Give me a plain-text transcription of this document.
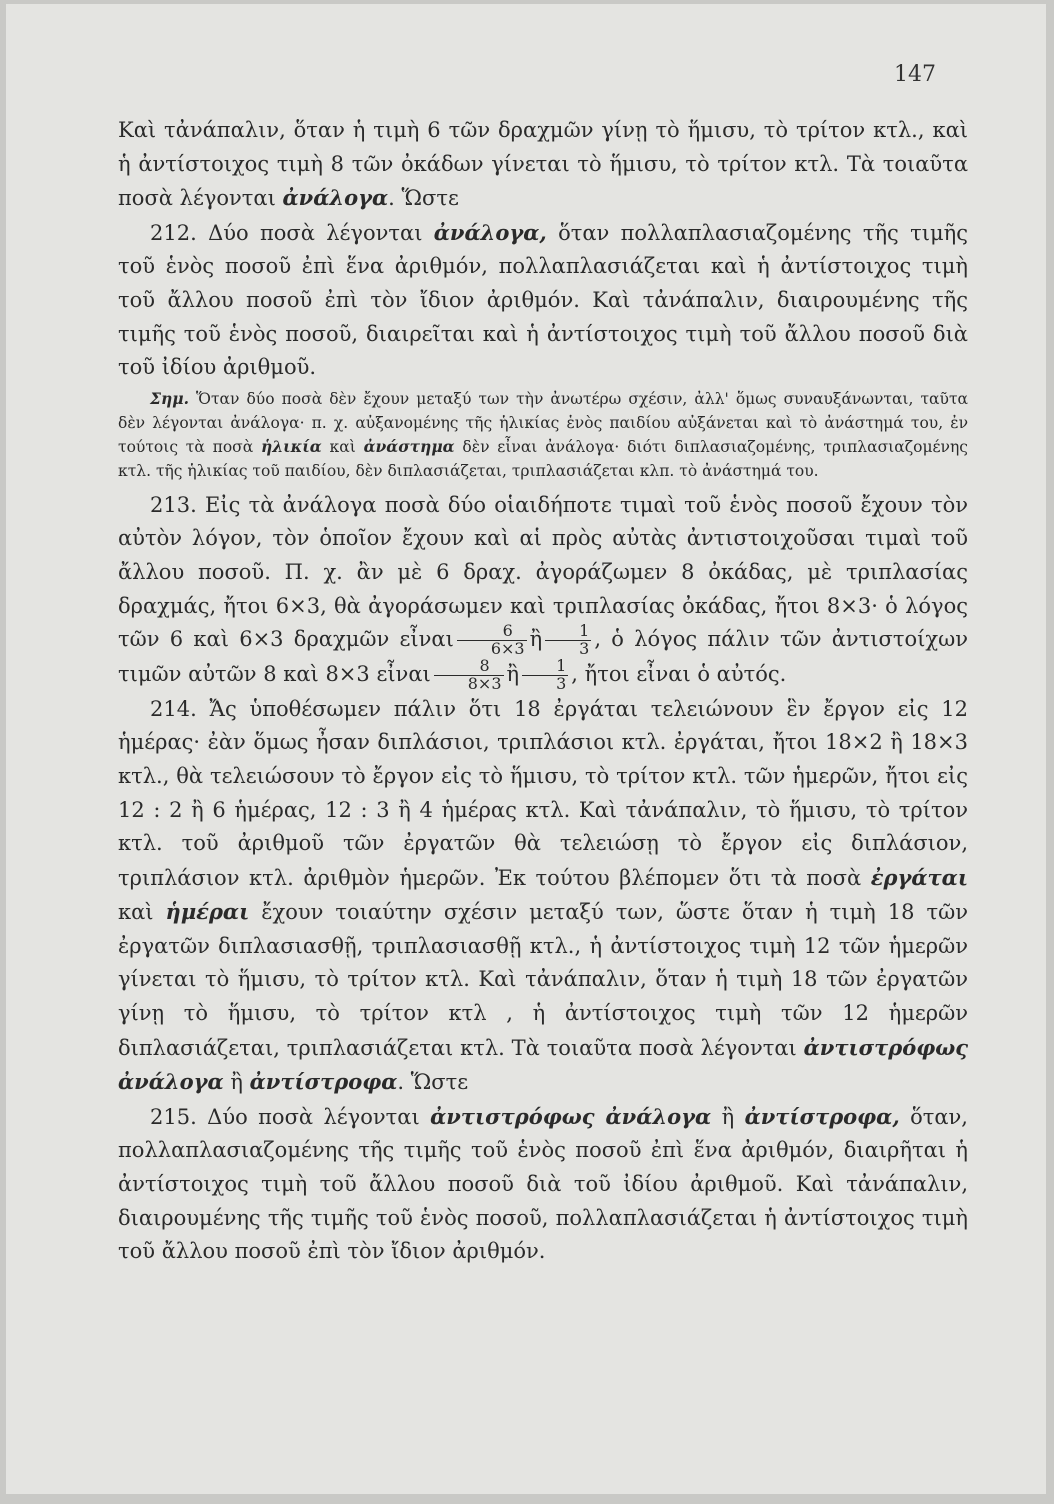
147

Καὶ τἀνάπαλιν, ὅταν ἡ τιμὴ 6 τῶν δραχμῶν γίνῃ τὸ ἥμισυ, τὸ τρίτον κτλ., καὶ ἡ ἀντίστοιχος τιμὴ 8 τῶν ὀκάδων γίνεται τὸ ἥμισυ, τὸ τρίτον κτλ. Τὰ τοιαῦτα ποσὰ λέγονται ἀνάλογα. Ὥστε

212. Δύο ποσὰ λέγονται ἀνάλογα, ὅταν πολλαπλασιαζομένης τῆς τιμῆς τοῦ ἑνὸς ποσοῦ ἐπὶ ἕνα ἀριθμόν, πολλαπλασιάζεται καὶ ἡ ἀντίστοιχος τιμὴ τοῦ ἄλλου ποσοῦ ἐπὶ τὸν ἴδιον ἀριθμόν. Καὶ τἀνάπαλιν, διαιρουμένης τῆς τιμῆς τοῦ ἑνὸς ποσοῦ, διαιρεῖται καὶ ἡ ἀντίστοιχος τιμὴ τοῦ ἄλλου ποσοῦ διὰ τοῦ ἰδίου ἀριθμοῦ.

Σημ. Ὅταν δύο ποσὰ δὲν ἔχουν μεταξύ των τὴν ἀνωτέρω σχέσιν, ἀλλ' ὅμως συναυξάνωνται, ταῦτα δὲν λέγονται ἀνάλογα· π. χ. αὐξανομένης τῆς ἡλικίας ἑνὸς παιδίου αὐξάνεται καὶ τὸ ἀνάστημά του, ἐν τούτοις τὰ ποσὰ ἡλικία καὶ ἀνάστημα δὲν εἶναι ἀνάλογα· διότι διπλασιαζομένης, τριπλασιαζομένης κτλ. τῆς ἡλικίας τοῦ παιδίου, δὲν διπλασιάζεται, τριπλασιάζεται κλπ. τὸ ἀνάστημά του.

213. Εἰς τὰ ἀνάλογα ποσὰ δύο οἱαιδήποτε τιμαὶ τοῦ ἑνὸς ποσοῦ ἔχουν τὸν αὐτὸν λόγον, τὸν ὁποῖον ἔχουν καὶ αἱ πρὸς αὐτὰς ἀντιστοιχοῦσαι τιμαὶ τοῦ ἄλλου ποσοῦ. Π. χ. ἂν μὲ 6 δραχ. ἀγοράζωμεν 8 ὀκάδας, μὲ τριπλασίας δραχμάς, ἤτοι 6×3, θὰ ἀγοράσωμεν καὶ τριπλασίας ὀκάδας, ἤτοι 8×3· ὁ λόγος τῶν 6 καὶ 6×3 δραχμῶν εἶναι $\frac{6}{6\times 3}$ ἢ $\frac{1}{3}$ , ὁ λόγος πάλιν τῶν ἀντιστοίχων τιμῶν αὐτῶν 8 καὶ 8×3 εἶναι $\frac{8}{8\times 3}$ ἢ $\frac{1}{3}$ , ἤτοι εἶναι ὁ αὐτός.

214. Ἄς ὑποθέσωμεν πάλιν ὅτι 18 ἐργάται τελειώνουν ἓν ἔργον εἰς 12 ἡμέρας· ἐὰν ὅμως ἦσαν διπλάσιοι, τριπλάσιοι κτλ. ἐργάται, ἤτοι 18×2 ἢ 18×3 κτλ., θὰ τελειώσουν τὸ ἔργον εἰς τὸ ἥμισυ, τὸ τρίτον κτλ. τῶν ἡμερῶν, ἤτοι εἰς 12 : 2 ἢ 6 ἡμέρας, 12 : 3 ἢ 4 ἡμέρας κτλ. Καὶ τἀνάπαλιν, τὸ ἥμισυ, τὸ τρίτον κτλ. τοῦ ἀριθμοῦ τῶν ἐργατῶν θὰ τελειώσῃ τὸ ἔργον εἰς διπλάσιον, τριπλάσιον κτλ. ἀριθμὸν ἡμερῶν. Ἐκ τούτου βλέπομεν ὅτι τὰ ποσὰ ἐργάται καὶ ἡμέραι ἔχουν τοιαύτην σχέσιν μεταξύ των, ὥστε ὅταν ἡ τιμὴ 18 τῶν ἐργατῶν διπλασιασθῇ, τριπλασιασθῇ κτλ., ἡ ἀντίστοιχος τιμὴ 12 τῶν ἡμερῶν γίνεται τὸ ἥμισυ, τὸ τρίτον κτλ. Καὶ τἀνάπαλιν, ὅταν ἡ τιμὴ 18 τῶν ἐργατῶν γίνῃ τὸ ἥμισυ, τὸ τρίτον κτλ , ἡ ἀντίστοιχος τιμὴ τῶν 12 ἡμερῶν διπλασιάζεται, τριπλασιάζεται κτλ. Τὰ τοιαῦτα ποσὰ λέγονται ἀντιστρόφως ἀνάλογα ἢ ἀντίστροφα. Ὥστε

215. Δύο ποσὰ λέγονται ἀντιστρόφως ἀνάλογα ἢ ἀντίστροφα, ὅταν, πολλαπλασιαζομένης τῆς τιμῆς τοῦ ἑνὸς ποσοῦ ἐπὶ ἕνα ἀριθμόν, διαιρῆται ἡ ἀντίστοιχος τιμὴ τοῦ ἄλλου ποσοῦ διὰ τοῦ ἰδίου ἀριθμοῦ. Καὶ τἀνάπαλιν, διαιρουμένης τῆς τιμῆς τοῦ ἑνὸς ποσοῦ, πολλαπλασιάζεται ἡ ἀντίστοιχος τιμὴ τοῦ ἄλλου ποσοῦ ἐπὶ τὸν ἴδιον ἀριθμόν.
